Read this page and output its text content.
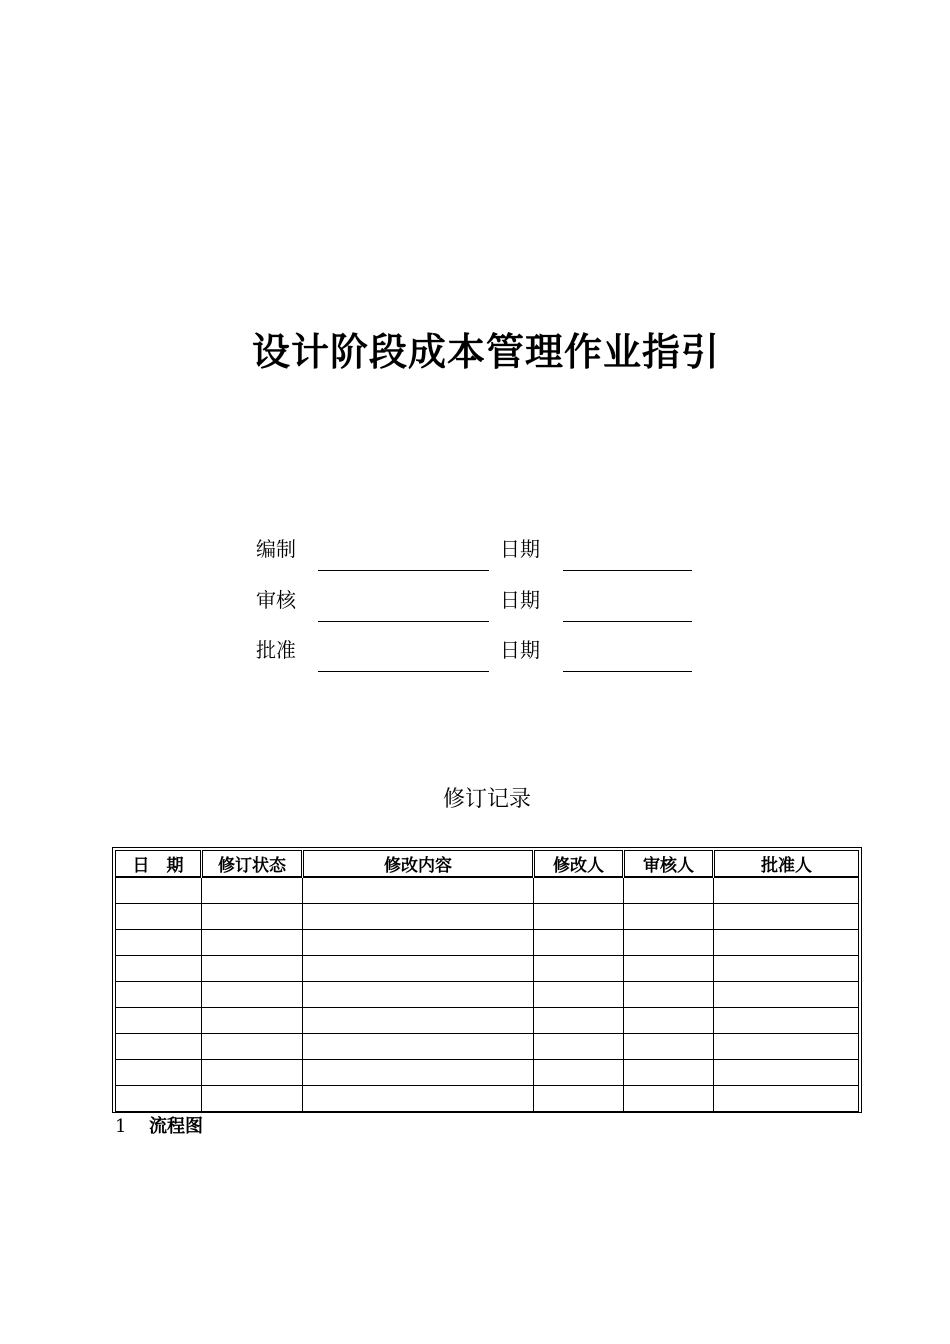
设计阶段成本管理作业指引
编制	日期
审核	日期
批准	日期
修订记录
日　期	修订状态	修改内容	修改人	审核人	批准人

1 流程图
